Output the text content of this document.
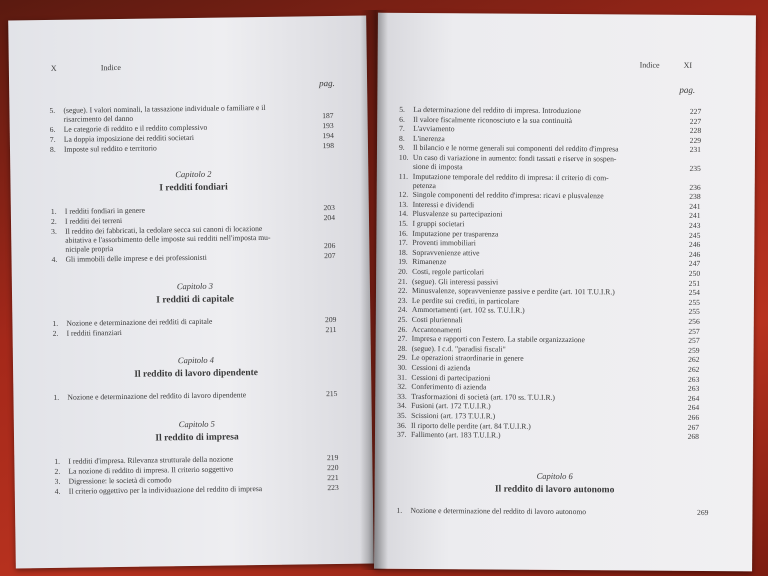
X	Indice
pag.
5. (segue). I valori nominali, la tassazione individuale o familiare e il
risarcimento del danno	187
6. Le categorie di reddito e il reddito complessivo	193
7. La doppia imposizione dei redditi societari	194
8. Imposte sul reddito e territorio	198
Capitolo 2
I redditi fondiari
1. I redditi fondiari in genere	203
2. I redditi dei terreni	204
3. Il reddito dei fabbricati, la cedolare secca sui canoni di locazione
abitativa e l'assorbimento delle imposte sui redditi nell'imposta mu-
nicipale propria	206
4. Gli immobili delle imprese e dei professionisti	207
Capitolo 3
I redditi di capitale
1. Nozione e determinazione dei redditi di capitale	209
2. I redditi finanziari	211
Capitolo 4
Il reddito di lavoro dipendente
1. Nozione e determinazione del reddito di lavoro dipendente	215
Capitolo 5
Il reddito di impresa
1. I redditi d'impresa. Rilevanza strutturale della nozione	219
2. La nozione di reddito di impresa. Il criterio soggettivo	220
3. Digressione: le società di comodo	221
4. Il criterio oggettivo per la individuazione del reddito di impresa	223
Indice	XI
pag.
5. La determinazione del reddito di impresa. Introduzione	227
6. Il valore fiscalmente riconosciuto e la sua continuità	227
7. L'avviamento	228
8. L'inerenza	229
9. Il bilancio e le norme generali sui componenti del reddito d'impresa	231
10. Un caso di variazione in aumento: fondi tassati e riserve in sospen-
sione di imposta	235
11. Imputazione temporale del reddito di impresa: il criterio di com-
petenza	236
12. Singole componenti del reddito d'impresa: ricavi e plusvalenze	238
13. Interessi e dividendi	241
14. Plusvalenze su partecipazioni	241
15. I gruppi societari	243
16. Imputazione per trasparenza	245
17. Proventi immobiliari	246
18. Sopravvenienze attive	246
19. Rimanenze	247
20. Costi, regole particolari	250
21. (segue). Gli interessi passivi	251
22. Minusvalenze, sopravvenienze passive e perdite (art. 101 T.U.I.R.)	254
23. Le perdite sui crediti, in particolare	255
24. Ammortamenti (art. 102 ss. T.U.I.R.)	255
25. Costi pluriennali	256
26. Accantonamenti	257
27. Impresa e rapporti con l'estero. La stabile organizzazione	257
28. (segue). I c.d. "paradisi fiscali"	259
29. Le operazioni straordinarie in genere	262
30. Cessioni di azienda	262
31. Cessioni di partecipazioni	263
32. Conferimento di azienda	263
33. Trasformazioni di società (art. 170 ss. T.U.I.R.)	264
34. Fusioni (art. 172 T.U.I.R.)	264
35. Scissioni (art. 173 T.U.I.R.)	266
36. Il riporto delle perdite (art. 84 T.U.I.R.)	267
37. Fallimento (art. 183 T.U.I.R.)	268
Capitolo 6
Il reddito di lavoro autonomo
1. Nozione e determinazione del reddito di lavoro autonomo	269
